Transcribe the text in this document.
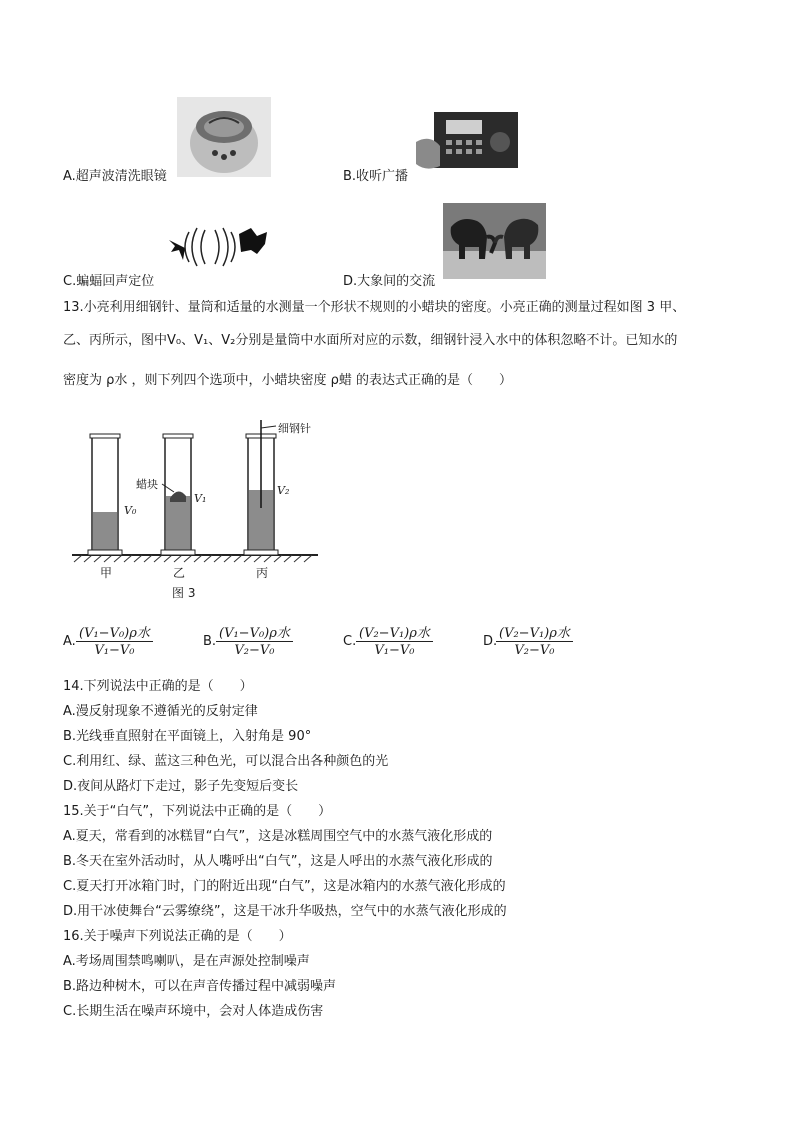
A.超声波清洗眼镜	B.收听广播
C.蝙蝠回声定位	D.大象间的交流
13.小亮利用细钢针、量筒和适量的水测量一个形状不规则的小蜡块的密度。小亮正确的测量过程如图 3 甲、
乙、丙所示，图中V₀、V₁、V₂分别是量筒中水面所对应的示数，细钢针浸入水中的体积忽略不计。已知水的
密度为 ρ水 ，则下列四个选项中，小蜡块密度 ρ蜡 的表达式正确的是（　　）
细钢针
蜡块
V₀
V₁
V₂
甲	乙	丙
图 3
A.
(V₁−V₀)ρ水
V₁−V₀
B.
(V₁−V₀)ρ水
V₂−V₀
C.
(V₂−V₁)ρ水
V₁−V₀
D.
(V₂−V₁)ρ水
V₂−V₀
14.下列说法中正确的是（　　）
A.漫反射现象不遵循光的反射定律
B.光线垂直照射在平面镜上，入射角是 90°
C.利用红、绿、蓝这三种色光，可以混合出各种颜色的光
D.夜间从路灯下走过，影子先变短后变长
15.关于“白气”，下列说法中正确的是（　　）
A.夏天，常看到的冰糕冒“白气”，这是冰糕周围空气中的水蒸气液化形成的
B.冬天在室外活动时，从人嘴呼出“白气”，这是人呼出的水蒸气液化形成的
C.夏天打开冰箱门时，门的附近出现“白气”，这是冰箱内的水蒸气液化形成的
D.用干冰使舞台“云雾缭绕”，这是干冰升华吸热，空气中的水蒸气液化形成的
16.关于噪声下列说法正确的是（　　）
A.考场周围禁鸣喇叭，是在声源处控制噪声
B.路边种树木，可以在声音传播过程中减弱噪声
C.长期生活在噪声环境中，会对人体造成伤害
